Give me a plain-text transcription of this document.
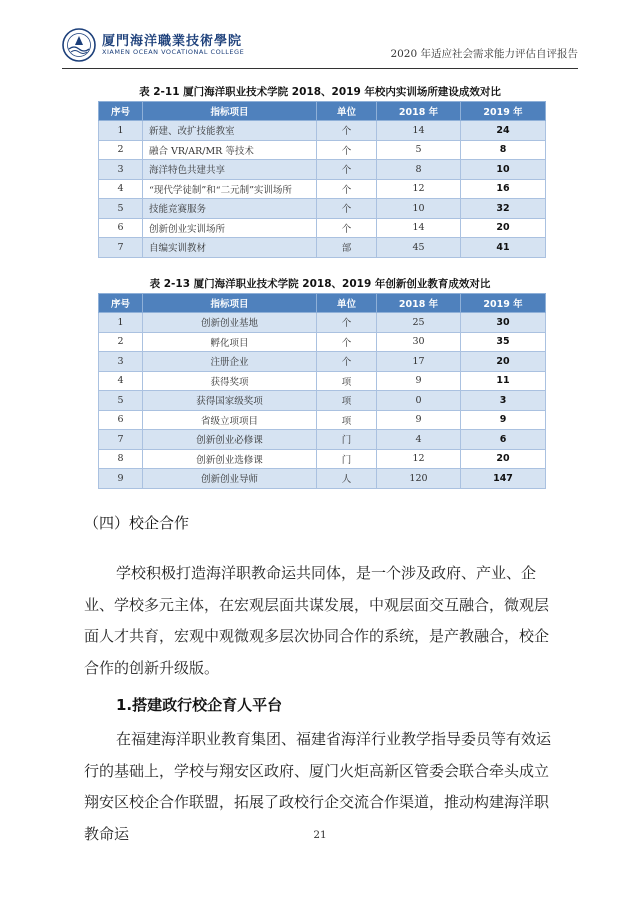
厦門海洋職業技術學院
XIAMEN OCEAN VOCATIONAL COLLEGE	2020 年适应社会需求能力评估自评报告
表 2-11 厦门海洋职业技术学院 2018、2019 年校内实训场所建设成效对比
序号	指标项目	单位	2018 年	2019 年
1	新建、改扩技能教室	个	14	24
2	融合 VR/AR/MR 等技术	个	5	8
3	海洋特色共建共享	个	8	10
4	“现代学徒制”和“二元制”实训场所	个	12	16
5	技能竞赛服务	个	10	32
6	创新创业实训场所	个	14	20
7	自编实训教材	部	45	41
表 2-13 厦门海洋职业技术学院 2018、2019 年创新创业教育成效对比
序号	指标项目	单位	2018 年	2019 年
1	创新创业基地	个	25	30
2	孵化项目	个	30	35
3	注册企业	个	17	20
4	获得奖项	项	9	11
5	获得国家级奖项	项	0	3
6	省级立项项目	项	9	9
7	创新创业必修课	门	4	6
8	创新创业选修课	门	12	20
9	创新创业导师	人	120	147
（四）校企合作
学校积极打造海洋职教命运共同体，是一个涉及政府、产业、企业、学校多元主体，在宏观层面共谋发展，中观层面交互融合，微观层面人才共育，宏观中观微观多层次协同合作的系统，是产教融合，校企合作的创新升级版。
1.搭建政行校企育人平台
在福建海洋职业教育集团、福建省海洋行业教学指导委员等有效运行的基础上，学校与翔安区政府、厦门火炬高新区管委会联合牵头成立翔安区校企合作联盟，拓展了政校行企交流合作渠道，推动构建海洋职教命运	21
